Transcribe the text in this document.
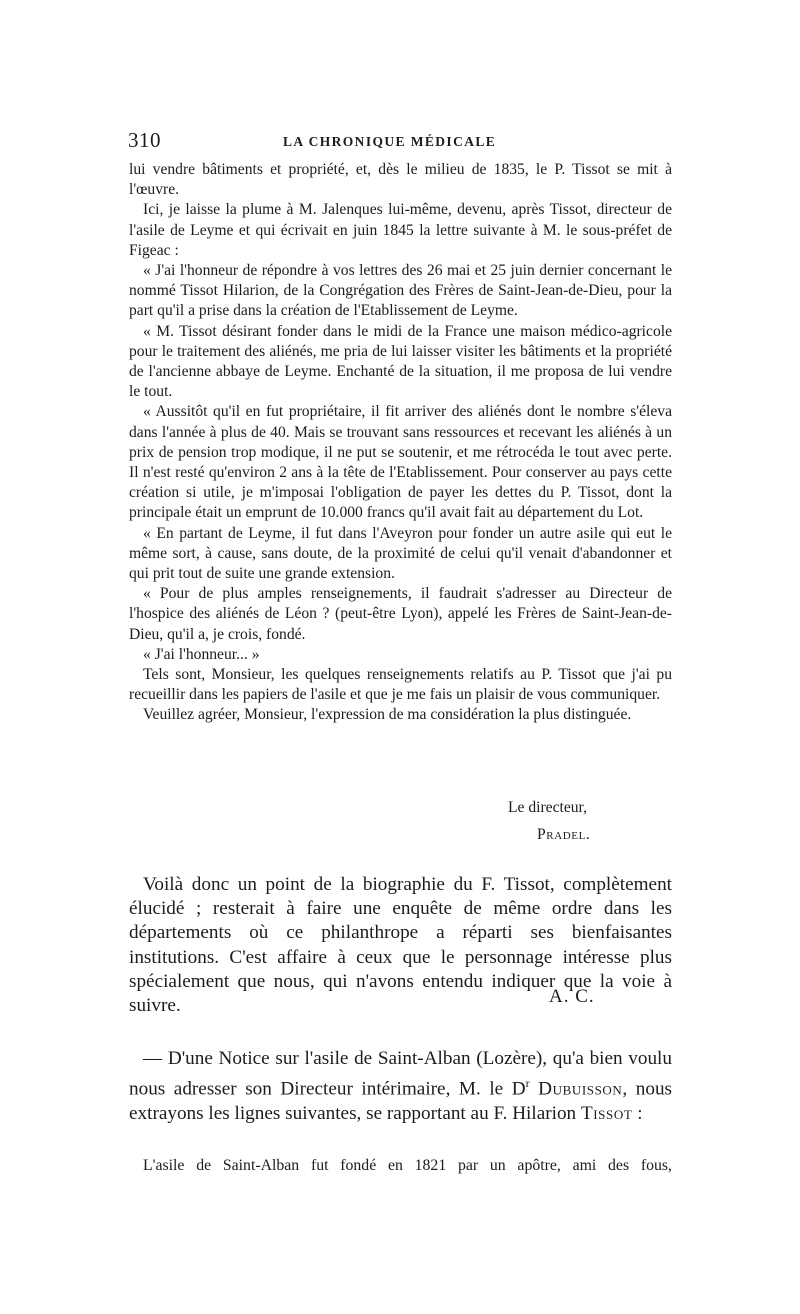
310	LA CHRONIQUE MÉDICALE

lui vendre bâtiments et propriété, et, dès le milieu de 1835, le P. Tissot se mit à l'œuvre.

Ici, je laisse la plume à M. Jalenques lui-même, devenu, après Tissot, directeur de l'asile de Leyme et qui écrivait en juin 1845 la lettre suivante à M. le sous-préfet de Figeac :

« J'ai l'honneur de répondre à vos lettres des 26 mai et 25 juin dernier concernant le nommé Tissot Hilarion, de la Congrégation des Frères de Saint-Jean-de-Dieu, pour la part qu'il a prise dans la création de l'Etablissement de Leyme.

« M. Tissot désirant fonder dans le midi de la France une maison médico-agricole pour le traitement des aliénés, me pria de lui laisser visiter les bâtiments et la propriété de l'ancienne abbaye de Leyme. Enchanté de la situation, il me proposa de lui vendre le tout.

« Aussitôt qu'il en fut propriétaire, il fit arriver des aliénés dont le nombre s'éleva dans l'année à plus de 40. Mais se trouvant sans ressources et recevant les aliénés à un prix de pension trop modique, il ne put se soutenir, et me rétrocéda le tout avec perte. Il n'est resté qu'environ 2 ans à la tête de l'Etablissement. Pour conserver au pays cette création si utile, je m'imposai l'obligation de payer les dettes du P. Tissot, dont la principale était un emprunt de 10.000 francs qu'il avait fait au département du Lot.

« En partant de Leyme, il fut dans l'Aveyron pour fonder un autre asile qui eut le même sort, à cause, sans doute, de la proximité de celui qu'il venait d'abandonner et qui prit tout de suite une grande extension.

« Pour de plus amples renseignements, il faudrait s'adresser au Directeur de l'hospice des aliénés de Léon ? (peut-être Lyon), appelé les Frères de Saint-Jean-de-Dieu, qu'il a, je crois, fondé.

« J'ai l'honneur... »

Tels sont, Monsieur, les quelques renseignements relatifs au P. Tissot que j'ai pu recueillir dans les papiers de l'asile et que je me fais un plaisir de vous communiquer.

Veuillez agréer, Monsieur, l'expression de ma considération la plus distinguée.

Le directeur,
Pradel.

Voilà donc un point de la biographie du F. Tissot, complètement élucidé ; resterait à faire une enquête de même ordre dans les départements où ce philanthrope a réparti ses bienfaisantes institutions. C'est affaire à ceux que le personnage intéresse plus spécialement que nous, qui n'avons entendu indiquer que la voie à suivre.	A. C.

— D'une Notice sur l'asile de Saint-Alban (Lozère), qu'a bien voulu nous adresser son Directeur intérimaire, M. le $D^r$ Dubuisson, nous extrayons les lignes suivantes, se rapportant au F. Hilarion Tissot :

L'asile de Saint-Alban fut fondé en 1821 par un apôtre, ami des fous,
